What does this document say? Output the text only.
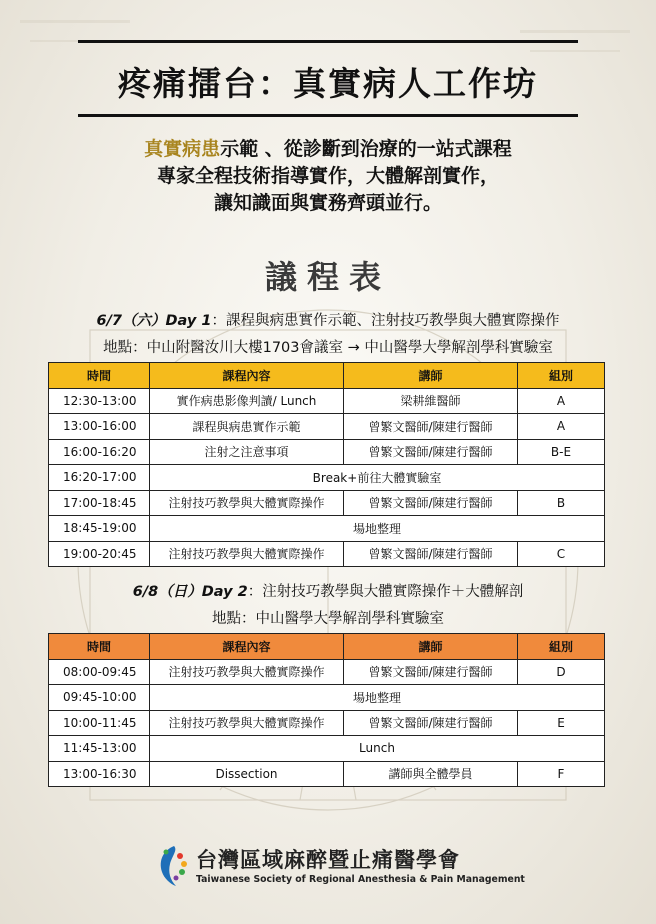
疼痛擂台：真實病人工作坊
真實病患示範 、從診斷到治療的一站式課程
專家全程技術指導實作，大體解剖實作，
讓知識面與實務齊頭並行。
議程表
6/7（六）Day 1：課程與病患實作示範、注射技巧教學與大體實際操作
地點：中山附醫汝川大樓1703會議室 → 中山醫學大學解剖學科實驗室
時間	課程內容	講師	組別
12:30-13:00	實作病患影像判讀/ Lunch	梁耕維醫師	A
13:00-16:00	課程與病患實作示範	曾繁文醫師/陳建行醫師	A
16:00-16:20	注射之注意事項	曾繁文醫師/陳建行醫師	B-E
16:20-17:00	Break+前往大體實驗室		
17:00-18:45	注射技巧教學與大體實際操作	曾繁文醫師/陳建行醫師	B
18:45-19:00	場地整理		
19:00-20:45	注射技巧教學與大體實際操作	曾繁文醫師/陳建行醫師	C
6/8（日）Day 2：注射技巧教學與大體實際操作＋大體解剖
地點：中山醫學大學解剖學科實驗室
時間	課程內容	講師	組別
08:00-09:45	注射技巧教學與大體實際操作	曾繁文醫師/陳建行醫師	D
09:45-10:00	場地整理		
10:00-11:45	注射技巧教學與大體實際操作	曾繁文醫師/陳建行醫師	E
11:45-13:00	Lunch		
13:00-16:30	Dissection	講師與全體學員	F
台灣區域麻醉暨止痛醫學會
Taiwanese Society of Regional Anesthesia & Pain Management
